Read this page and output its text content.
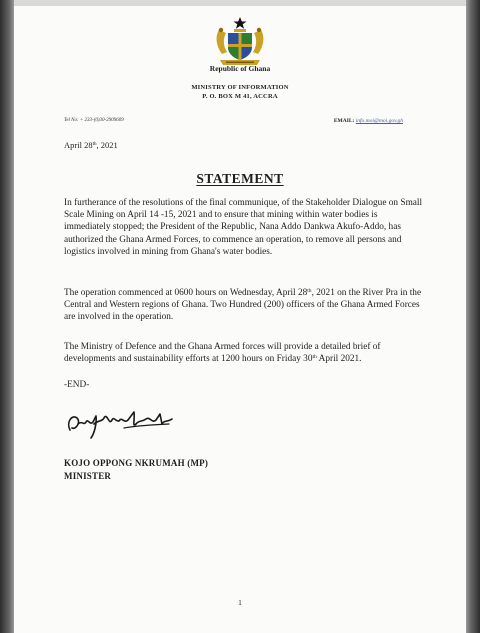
Republic of Ghana
MINISTRY OF INFORMATION
P. O. BOX M 41, ACCRA
Tel No: + 233-(0)30-2909609	EMAIL: info.moi@moi.gov.gh
April 28th, 2021
STATEMENT
In furtherance of the resolutions of the final communique, of the Stakeholder Dialogue on Small Scale Mining on April 14 -15, 2021 and to ensure that mining within water bodies is immediately stopped; the President of the Republic, Nana Addo Dankwa Akufo-Addo, has authorized the Ghana Armed Forces, to commence an operation, to remove all persons and logistics involved in mining from Ghana's water bodies.
The operation commenced at 0600 hours on Wednesday, April 28th, 2021 on the River Pra in the Central and Western regions of Ghana. Two Hundred (200) officers of the Ghana Armed Forces are involved in the operation.
The Ministry of Defence and the Ghana Armed forces will provide a detailed brief of developments and sustainability efforts at 1200 hours on Friday 30th April 2021.
-END-
KOJO OPPONG NKRUMAH (MP)
MINISTER
1
